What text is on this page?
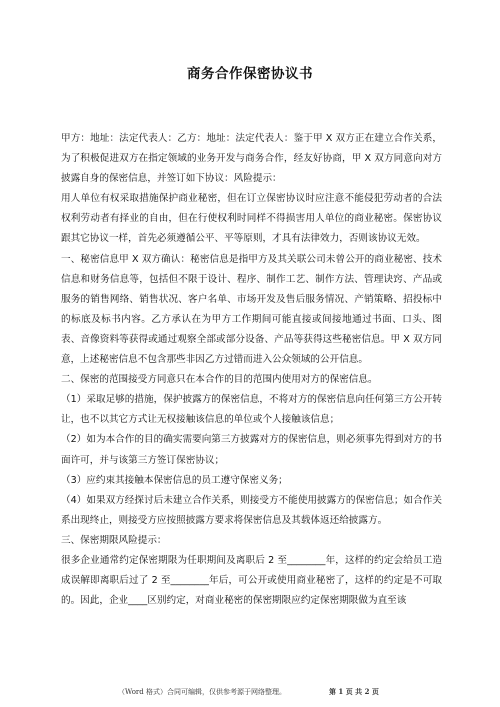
商务合作保密协议书

甲方：地址：法定代表人：乙方：地址：法定代表人：鉴于甲 X 双方正在建立合作关系，为了积极促进双方在指定领域的业务开发与商务合作，经友好协商，甲 X 双方同意向对方披露自身的保密信息，并签订如下协议：风险提示：

用人单位有权采取措施保护商业秘密，但在订立保密协议时应注意不能侵犯劳动者的合法权利劳动者有择业的自由，但在行使权利时同样不得损害用人单位的商业秘密。保密协议跟其它协议一样，首先必须遵循公平、平等原则，才具有法律效力，否则该协议无效。

一、秘密信息甲 X 双方确认：秘密信息是指甲方及其关联公司未曾公开的商业秘密、技术信息和财务信息等，包括但不限于设计、程序、制作工艺、制作方法、管理诀窍、产品或服务的销售网络、销售状况、客户名单、市场开发及售后服务情况、产销策略、招投标中的标底及标书内容。乙方承认在为甲方工作期间可能直接或间接地通过书面、口头、图表、音像资料等获得或通过观察全部或部分设备、产品等获得这些秘密信息。甲 X 双方同意，上述秘密信息不包含那些非因乙方过错而进入公众领域的公开信息。

二、保密的范围接受方同意只在本合作的目的范围内使用对方的保密信息。

（1）采取足够的措施，保护披露方的保密信息，不将对方的保密信息向任何第三方公开转让，也不以其它方式让无权接触该信息的单位或个人接触该信息；

（2）如为本合作的目的确实需要向第三方披露对方的保密信息，则必须事先得到对方的书面许可，并与该第三方签订保密协议；

（3）应约束其接触本保密信息的员工遵守保密义务；

（4）如果双方经探讨后未建立合作关系，则接受方不能使用披露方的保密信息；如合作关系出现终止，则接受方应按照披露方要求将保密信息及其载体返还给披露方。

三、保密期限风险提示：

很多企业通常约定保密期限为任职期间及离职后 2 至________年，这样的约定会给员工造成误解即离职后过了 2 至________年后，可公开或使用商业秘密了，这样的约定是不可取的。因此，企业____区别约定，对商业秘密的保密期限应约定保密期限做为直至该

（Word 格式）合同可编辑，仅供参考源于网络整理。	第 1 页 共 2 页
